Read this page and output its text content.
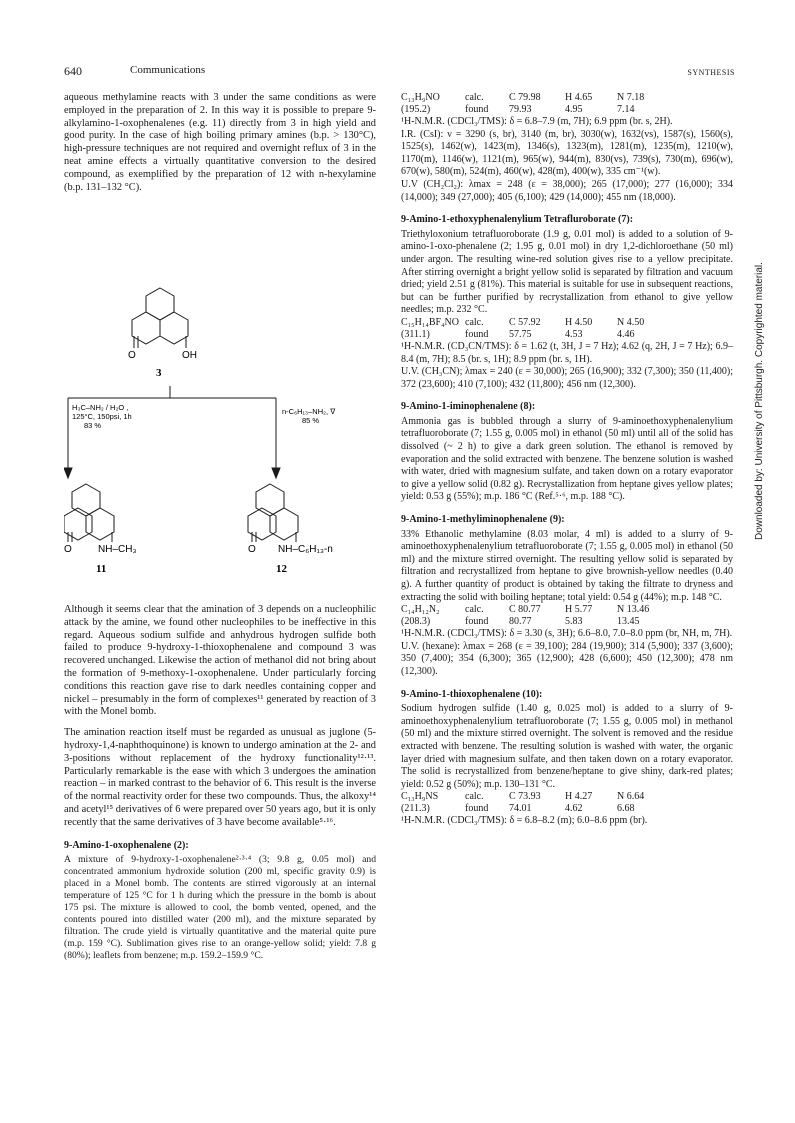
640	Communications	SYNTHESIS

aqueous methylamine reacts with 3 under the same conditions as were employed in the preparation of 2. In this way it is possible to prepare 9-alkylamino-1-oxophenalenes (e.g. 11) directly from 3 in high yield and good purity. In the case of high boiling primary amines (b.p. > 130°C), high-pressure techniques are not required and overnight reflux of 3 in the neat amine effects a virtually quantitative conversion to the desired compound, as exemplified by the preparation of 12 with n-hexylamine (b.p. 131–132 °C).

O	OH
3
H₃C–NH₂ / H₂O ,
125°C, 150psi, 1h
83 %
n-C₆H₁₃–NH₂, ∇
85 %
O	NH–CH₃
11
O NH–C₆H₁₃-n
12

Although it seems clear that the amination of 3 depends on a nucleophilic attack by the amine, we found other nucleophiles to be ineffective in this regard. Aqueous sodium sulfide and anhydrous hydrogen sulfide both failed to produce 9-hydroxy-1-thioxophenalene and compound 3 was recovered unchanged. Likewise the action of methanol did not bring about the formation of 9-methoxy-1-oxophenalene. Under particularly forcing conditions this reaction gave rise to dark needles containing copper and nickel – presumably in the form of complexes¹¹ generated by reaction of 3 with the Monel bomb.

The amination reaction itself must be regarded as unusual as juglone (5-hydroxy-1,4-naphthoquinone) is known to undergo amination at the 2- and 3-positions without replacement of the hydroxy functionality¹²·¹³. Particularly remarkable is the ease with which 3 undergoes the amination reaction – in marked contrast to the behavior of 6. This result is the inverse of the normal reactivity order for these two compounds. Thus, the alkoxy¹⁴ and acetyl¹⁵ derivatives of 6 were prepared over 50 years ago, but it is only recently that the same derivatives of 3 have become available⁵·¹⁶.

9-Amino-1-oxophenalene (2):

A mixture of 9-hydroxy-1-oxophenalene²·³·⁴ (3; 9.8 g, 0.05 mol) and concentrated ammonium hydroxide solution (200 ml, specific gravity 0.9) is placed in a Monel bomb. The contents are stirred vigorously at an internal temperature of 125 °C for 1 h during which the pressure in the bomb is about 175 psi. The mixture is allowed to cool, the bomb vented, opened, and the contents poured into distilled water (200 ml), and the mixture separated by filtration. The crude yield is virtually quantitative and the material quite pure (m.p. 159 °C). Sublimation gives rise to an orange-yellow solid; yield: 7.8 g (80%); leaflets from benzene; m.p. 159.2–159.9 °C.

C₁₃H₉NO	calc.	C 79.98	H 4.65	N 7.18
(195.2)	found	79.93	4.95	7.14

¹H-N.M.R. (CDCl₃/TMS): δ = 6.8–7.9 (m, 7H); 6.9 ppm (br. s, 2H).

I.R. (CsI): ν = 3290 (s, br), 3140 (m, br), 3030(w), 1632(vs), 1587(s), 1560(s), 1525(s), 1462(w), 1423(m), 1346(s), 1323(m), 1281(m), 1235(m), 1210(w), 1170(m), 1146(w), 1121(m), 965(w), 944(m), 830(vs), 739(s), 730(m), 696(w), 670(w), 580(m), 524(m), 460(w), 428(m), 400(w), 335 cm⁻¹(w).

U.V (CH₂Cl₂): λmax = 248 (ε = 38,000); 265 (17,000); 277 (16,000); 334 (14,000); 349 (27,000); 405 (6,100); 429 (14,000); 455 nm (18,000).

9-Amino-1-ethoxyphenalenylium Tetrafluroborate (7):

Triethyloxonium tetrafluoroborate (1.9 g, 0.01 mol) is added to a solution of 9-amino-1-oxo-phenalene (2; 1.95 g, 0.01 mol) in dry 1,2-dichloroethane (50 ml) under argon. The resulting wine-red solution gives rise to a yellow precipitate. After stirring overnight a bright yellow solid is separated by filtration and vacuum dried; yield 2.51 g (81%). This material is suitable for use in subsequent reactions, but can be further purified by recrystallization from ethanol to give yellow needles; m.p. 232 °C.

C₁₅H₁₄BF₄NO calc.	C 57.92	H 4.50	N 4.50
(311.1)	found	57.75	4.53	4.46

¹H-N.M.R. (CD₃CN/TMS): δ = 1.62 (t, 3H, J = 7 Hz); 4.62 (q, 2H, J = 7 Hz); 6.9–8.4 (m, 7H); 8.5 (br. s, 1H); 8.9 ppm (br. s, 1H).

U.V. (CH₃CN); λmax = 240 (ε = 30,000); 265 (16,900); 332 (7,300); 350 (11,400); 372 (23,600); 410 (7,100); 432 (11,800); 456 nm (12,300).

9-Amino-1-iminophenalene (8):

Ammonia gas is bubbled through a slurry of 9-aminoethoxyphenalenylium tetrafluoroborate (7; 1.55 g, 0.005 mol) in ethanol (50 ml) until all of the solid has dissolved (~ 2 h) to give a dark green solution. The ethanol is removed by evaporation and the solid extracted with benzene. The benzene solution is washed with water, dried with magnesium sulfate, and taken down on a rotary evaporator to give a yellow solid (0.82 g). Recrystallization from heptane gives yellow plates; yield: 0.53 g (55%); m.p. 186 °C (Ref.⁵·⁶, m.p. 188 °C).

9-Amino-1-methyliminophenalene (9):

33% Ethanolic methylamine (8.03 molar, 4 ml) is added to a slurry of 9-aminoethoxyphenalenylium tetrafluoroborate (7; 1.55 g, 0.005 mol) in ethanol (50 ml) and the mixture stirred overnight. The resulting yellow solid is separated by filtration and recrystallized from heptane to give brownish-yellow needles (0.40 g). A further quantity of product is obtained by taking the filtrate to dryness and extracting the solid with boiling heptane; total yield: 0.54 g (44%); m.p. 148 °C.

C₁₄H₁₂N₂	calc.	C 80.77	H 5.77	N 13.46
(208.3)	found	80.77	5.83	13.45

¹H-N.M.R. (CDCl₃/TMS): δ = 3.30 (s, 3H); 6.6–8.0, 7.0–8.0 ppm (br, NH, m, 7H).

U.V. (hexane): λmax = 268 (ε = 39,100); 284 (19,900); 314 (5,900); 337 (3,600); 350 (7,400); 354 (6,300); 365 (12,900); 428 (6,600); 450 (12,300); 478 nm (12,300).

9-Amino-1-thioxophenalene (10):

Sodium hydrogen sulfide (1.40 g, 0.025 mol) is added to a slurry of 9-aminoethoxyphenalenylium tetrafluoroborate (7; 1.55 g, 0.005 mol) in methanol (50 ml) and the mixture stirred overnight. The solvent is removed and the residue extracted with benzene. The resulting solution is washed with water, the organic layer dried with magnesium sulfate, and then taken down on a rotary evaporator. The solid is recrystallized from benzene/heptane to give shiny, dark-red plates; yield: 0.52 g (50%); m.p. 130–131 °C.

C₁₃H₉NS	calc.	C 73.93	H 4.27	N 6.64
(211.3)	found	74.01	4.62	6.68

¹H-N.M.R. (CDCl₃/TMS): δ = 6.8–8.2 (m); 6.0–8.6 ppm (br).

Downloaded by: University of Pittsburgh. Copyrighted material.
